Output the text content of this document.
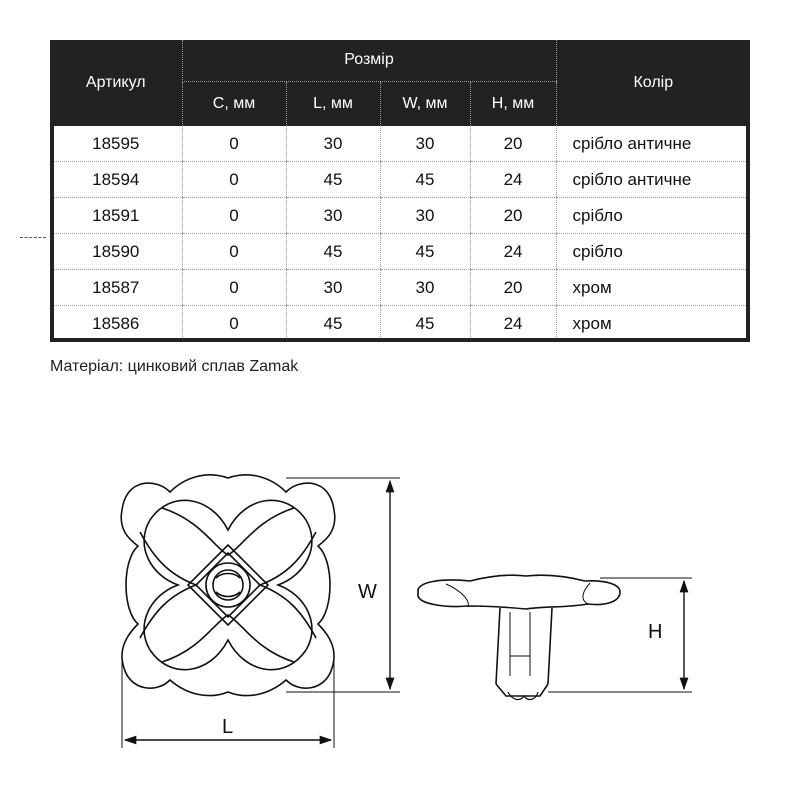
Артикул	Розмір				Колір
	C, мм	L, мм	W, мм	H, мм	
18595	0	30	30	20	срібло античне
18594	0	45	45	24	срібло античне
18591	0	30	30	20	срібло
18590	0	45	45	24	срібло
18587	0	30	30	20	хром
18586	0	45	45	24	хром
Матеріал: цинковий сплав Zamak
W
L
H
